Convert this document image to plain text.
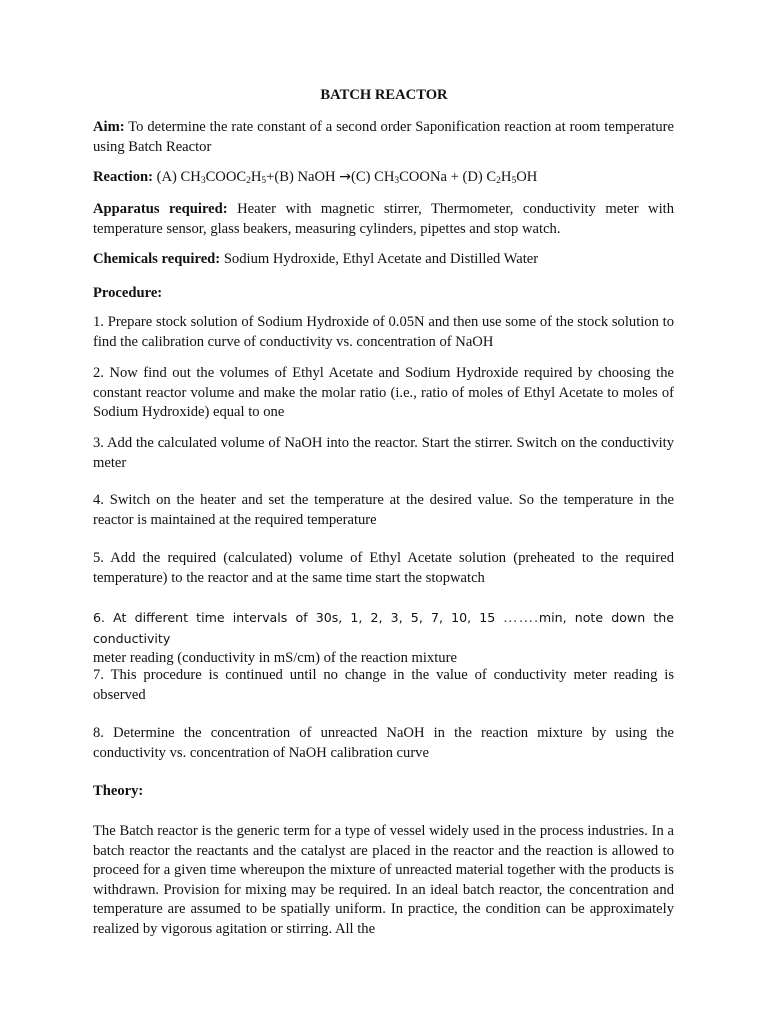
BATCH REACTOR

Aim: To determine the rate constant of a second order Saponification reaction at room temperature using Batch Reactor

Reaction: (A) $CH_3COOC_2H_5+(B)$ NaOH →(C) $CH_3COONa + (D)$ $C_2H_5OH$

Apparatus required: Heater with magnetic stirrer, Thermometer, conductivity meter with temperature sensor, glass beakers, measuring cylinders, pipettes and stop watch.

Chemicals required: Sodium Hydroxide, Ethyl Acetate and Distilled Water

Procedure:

1. Prepare stock solution of Sodium Hydroxide of 0.05N and then use some of the stock solution to find the calibration curve of conductivity vs. concentration of NaOH

2. Now find out the volumes of Ethyl Acetate and Sodium Hydroxide required by choosing the constant reactor volume and make the molar ratio (i.e., ratio of moles of Ethyl Acetate to moles of Sodium Hydroxide) equal to one

3. Add the calculated volume of NaOH into the reactor. Start the stirrer. Switch on the conductivity meter

4. Switch on the heater and set the temperature at the desired value. So the temperature in the reactor is maintained at the required temperature

5. Add the required (calculated) volume of Ethyl Acetate solution (preheated to the required temperature) to the reactor and at the same time start the stopwatch

6. At different time intervals of 30s, 1, 2, 3, 5, 7, 10, 15 …….min, note down the conductivity
meter reading (conductivity in mS/cm) of the reaction mixture

7. This procedure is continued until no change in the value of conductivity meter reading is observed

8. Determine the concentration of unreacted NaOH in the reaction mixture by using the conductivity vs. concentration of NaOH calibration curve

Theory:

The Batch reactor is the generic term for a type of vessel widely used in the process industries. In a batch reactor the reactants and the catalyst are placed in the reactor and the reaction is allowed to proceed for a given time whereupon the mixture of unreacted material together with the products is withdrawn. Provision for mixing may be required. In an ideal batch reactor, the concentration and temperature are assumed to be spatially uniform. In practice, the condition can be approximately realized by vigorous agitation or stirring. All the
